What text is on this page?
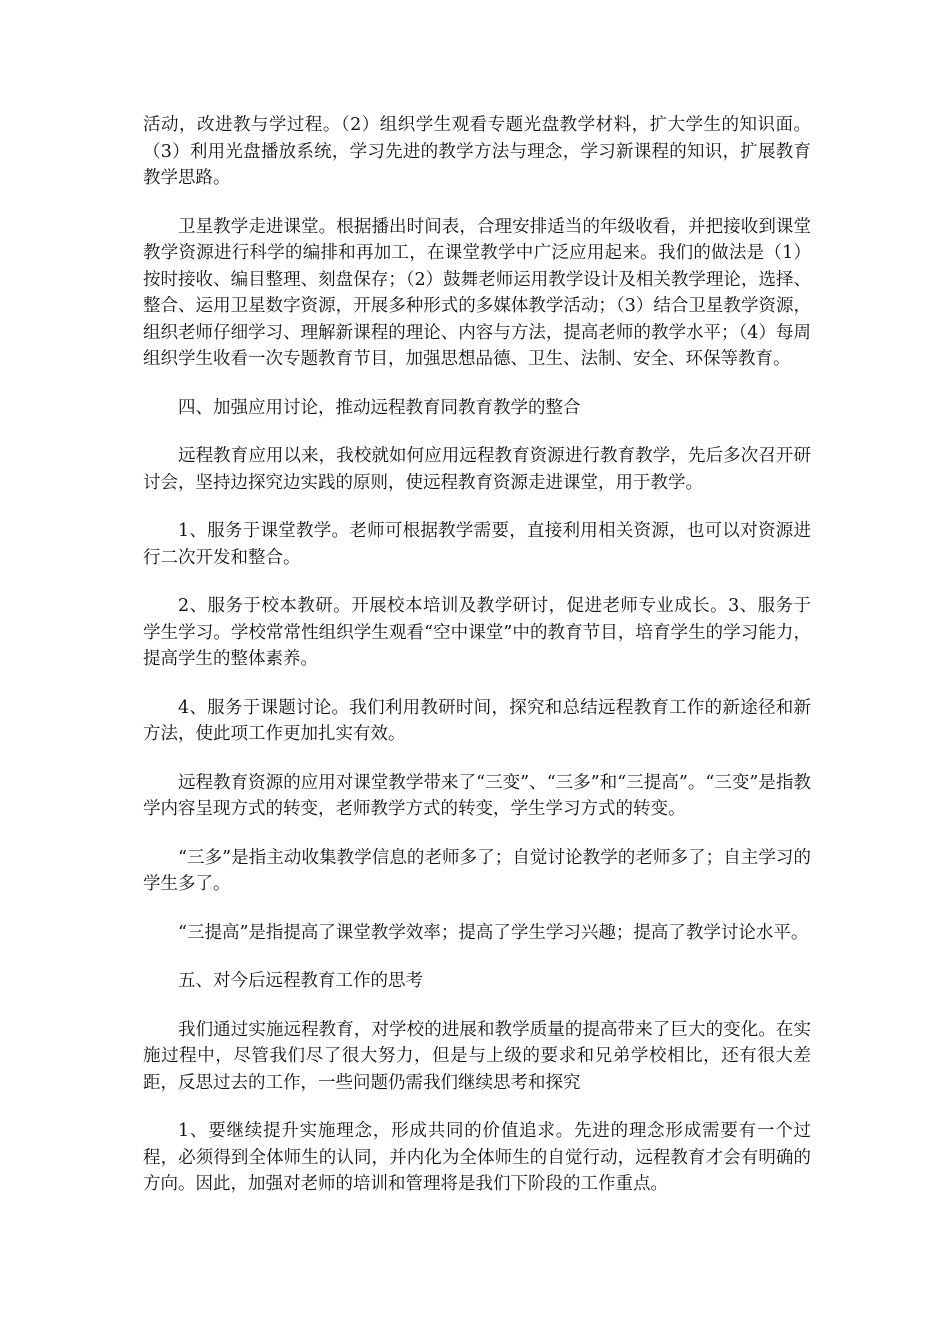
活动，改进教与学过程。（2）组织学生观看专题光盘教学材料，扩大学生的知识面。（3）利用光盘播放系统，学习先进的教学方法与理念，学习新课程的知识，扩展教育教学思路。

卫星教学走进课堂。根据播出时间表，合理安排适当的年级收看，并把接收到课堂教学资源进行科学的编排和再加工，在课堂教学中广泛应用起来。我们的做法是（1）按时接收、编目整理、刻盘保存；（2）鼓舞老师运用教学设计及相关教学理论，选择、整合、运用卫星数字资源，开展多种形式的多媒体教学活动；（3）结合卫星教学资源，组织老师仔细学习、理解新课程的理论、内容与方法，提高老师的教学水平；（4）每周组织学生收看一次专题教育节目，加强思想品德、卫生、法制、安全、环保等教育。

四、加强应用讨论，推动远程教育同教育教学的整合

远程教育应用以来，我校就如何应用远程教育资源进行教育教学，先后多次召开研讨会，坚持边探究边实践的原则，使远程教育资源走进课堂，用于教学。

1、服务于课堂教学。老师可根据教学需要，直接利用相关资源，也可以对资源进行二次开发和整合。

2、服务于校本教研。开展校本培训及教学研讨，促进老师专业成长。3、服务于学生学习。学校常常性组织学生观看“空中课堂”中的教育节目，培育学生的学习能力，提高学生的整体素养。

4、服务于课题讨论。我们利用教研时间，探究和总结远程教育工作的新途径和新方法，使此项工作更加扎实有效。

远程教育资源的应用对课堂教学带来了“三变”、“三多”和“三提高”。“三变”是指教学内容呈现方式的转变，老师教学方式的转变，学生学习方式的转变。

“三多”是指主动收集教学信息的老师多了；自觉讨论教学的老师多了；自主学习的学生多了。

“三提高”是指提高了课堂教学效率；提高了学生学习兴趣；提高了教学讨论水平。

五、对今后远程教育工作的思考

我们通过实施远程教育，对学校的进展和教学质量的提高带来了巨大的变化。在实施过程中，尽管我们尽了很大努力，但是与上级的要求和兄弟学校相比，还有很大差距，反思过去的工作，一些问题仍需我们继续思考和探究

1、要继续提升实施理念，形成共同的价值追求。先进的理念形成需要有一个过程，必须得到全体师生的认同，并内化为全体师生的自觉行动，远程教育才会有明确的方向。因此，加强对老师的培训和管理将是我们下阶段的工作重点。
